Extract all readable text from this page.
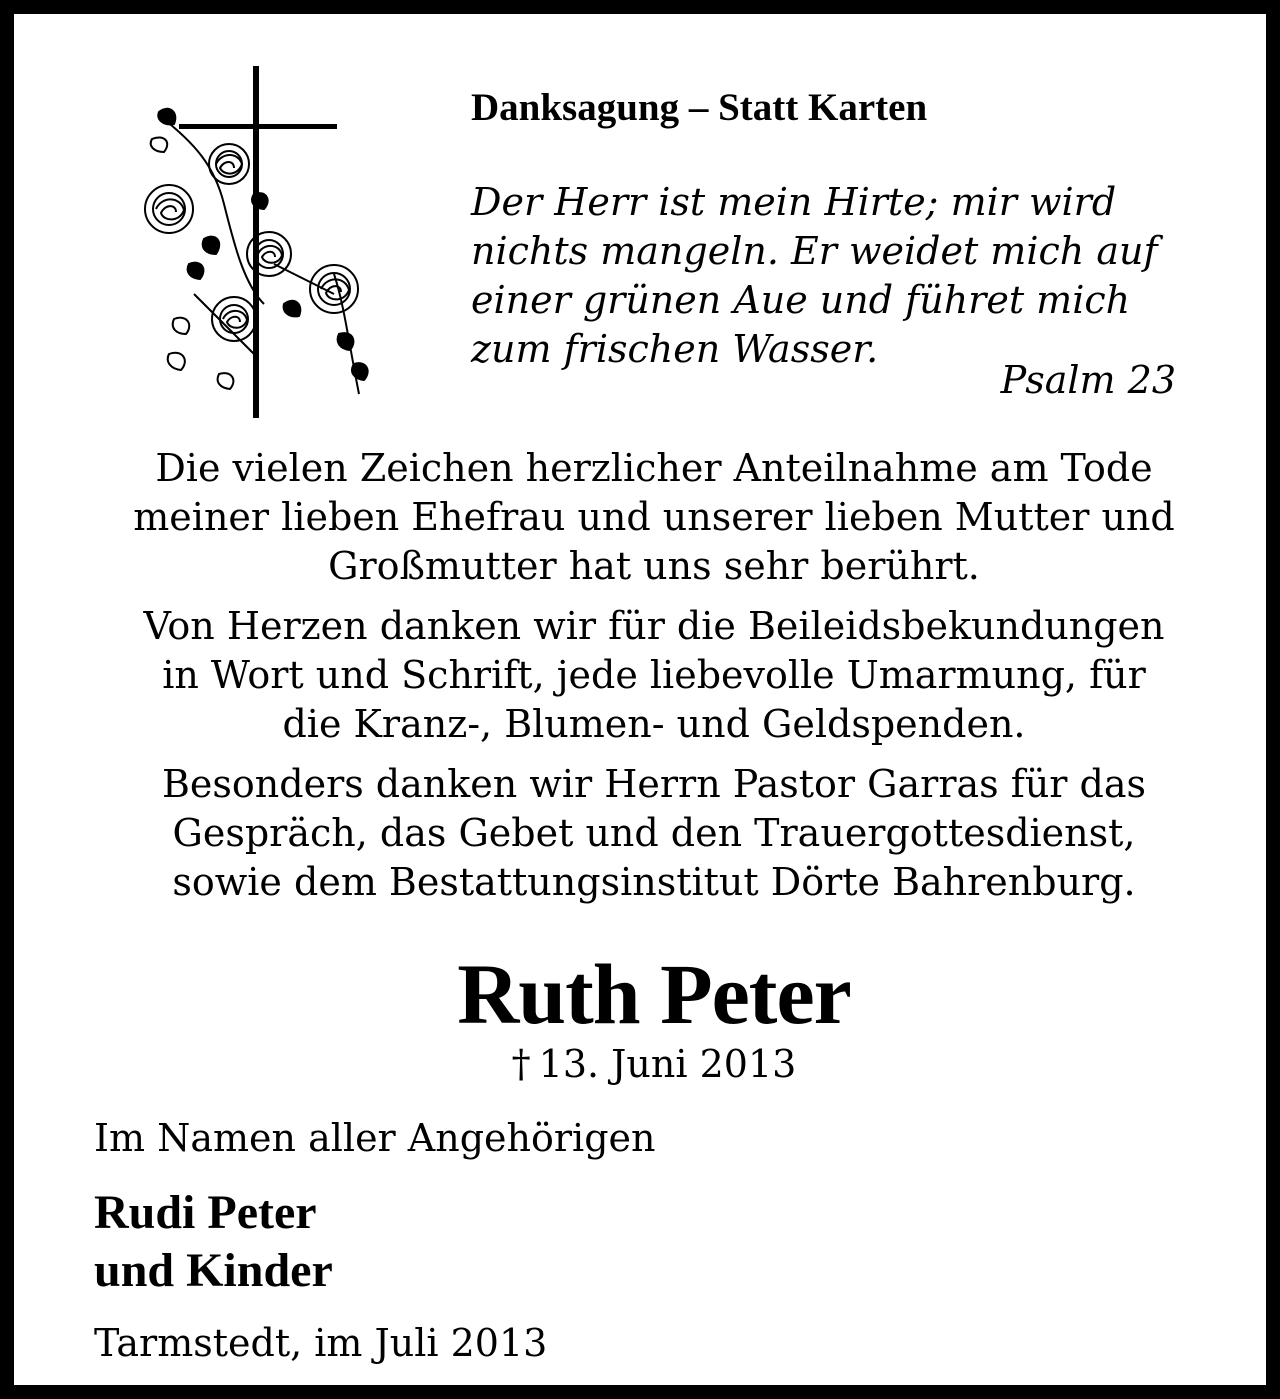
Danksagung – Statt Karten
Der Herr ist mein Hirte; mir wird
nichts mangeln. Er weidet mich auf
einer grünen Aue und führet mich
zum frischen Wasser.
Psalm 23

Die vielen Zeichen herzlicher Anteilnahme am Tode
meiner lieben Ehefrau und unserer lieben Mutter und
Großmutter hat uns sehr berührt.

Von Herzen danken wir für die Beileidsbekundungen
in Wort und Schrift, jede liebevolle Umarmung, für
die Kranz-, Blumen- und Geldspenden.

Besonders danken wir Herrn Pastor Garras für das
Gespräch, das Gebet und den Trauergottesdienst,
sowie dem Bestattungsinstitut Dörte Bahrenburg.

Ruth Peter
† 13. Juni 2013
Im Namen aller Angehörigen
Rudi Peter
und Kinder
Tarmstedt, im Juli 2013
